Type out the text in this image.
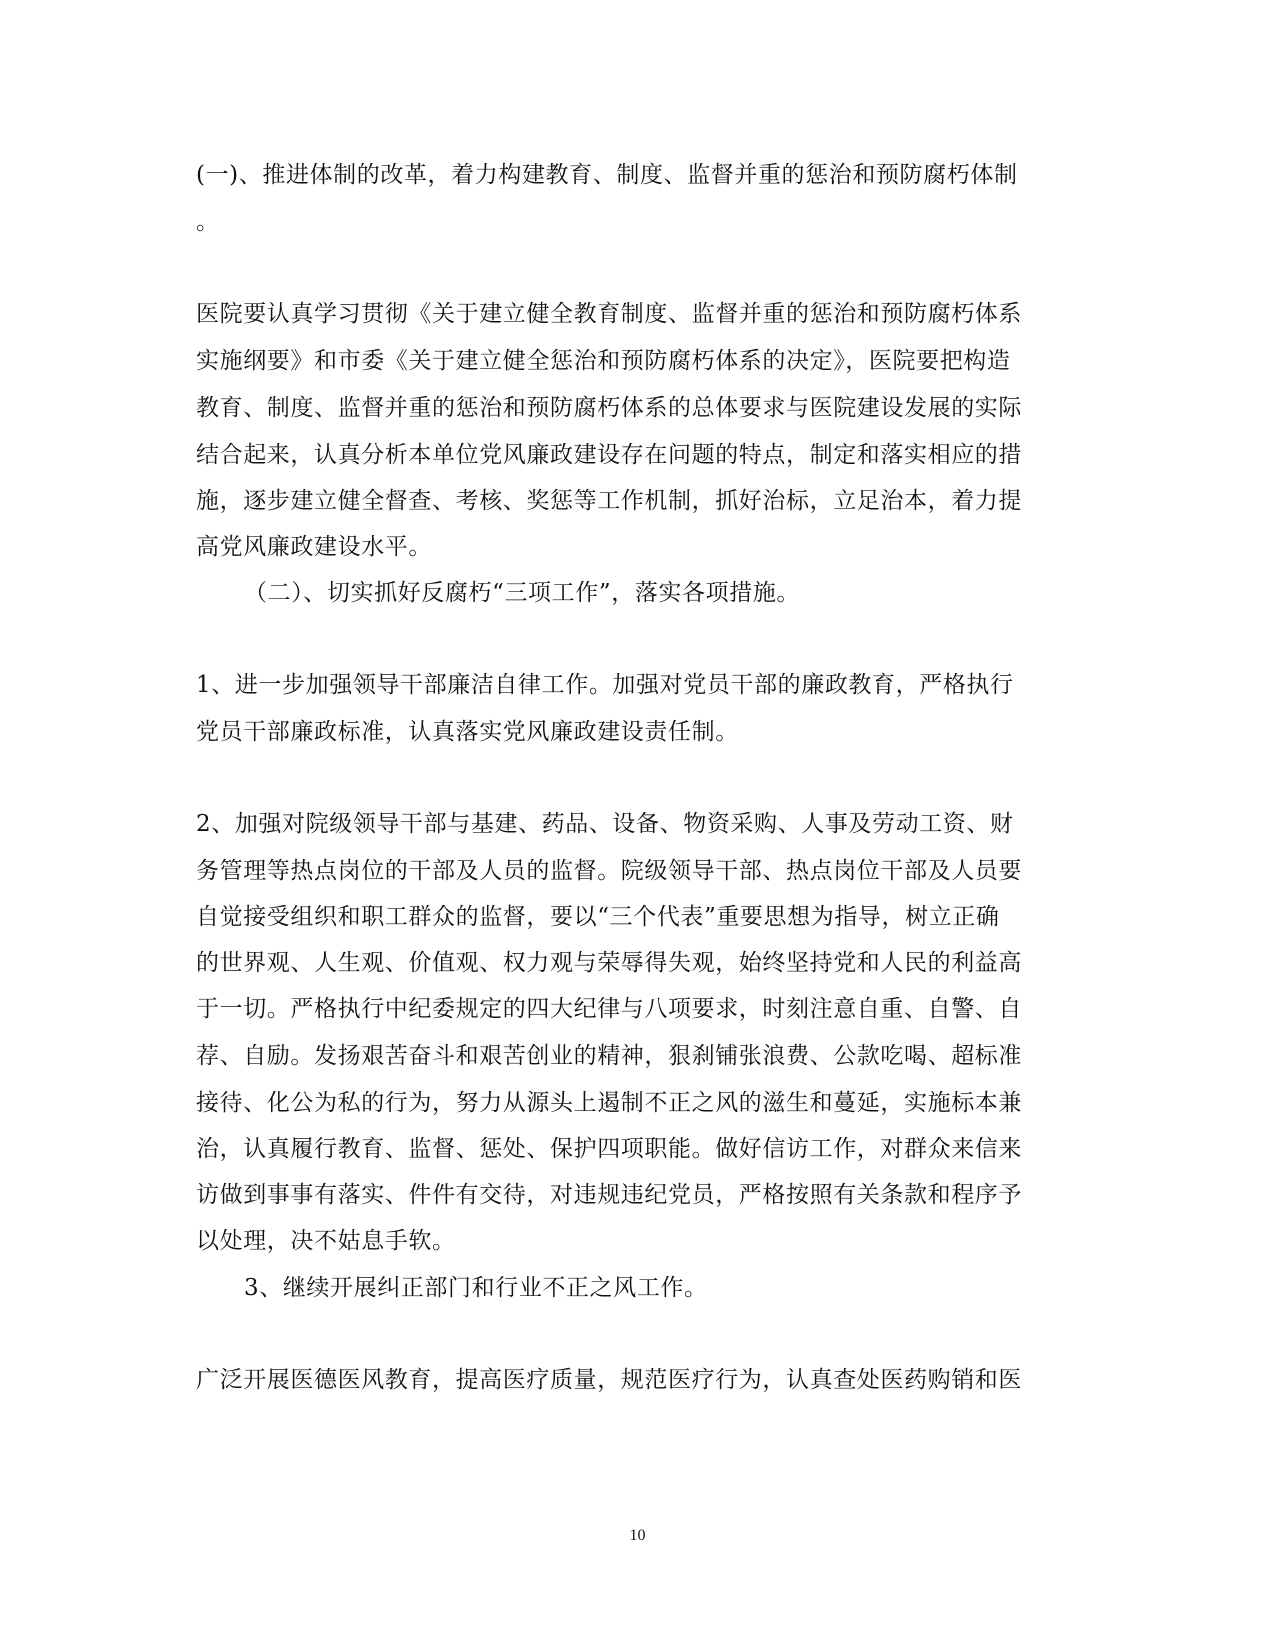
(一)、推进体制的改革，着力构建教育、制度、监督并重的惩治和预防腐朽体制
。
医院要认真学习贯彻《关于建立健全教育制度、监督并重的惩治和预防腐朽体系
实施纲要》和市委《关于建立健全惩治和预防腐朽体系的决定》，医院要把构造
教育、制度、监督并重的惩治和预防腐朽体系的总体要求与医院建设发展的实际
结合起来，认真分析本单位党风廉政建设存在问题的特点，制定和落实相应的措
施，逐步建立健全督查、考核、奖惩等工作机制，抓好治标，立足治本，着力提
高党风廉政建设水平。
（二）、切实抓好反腐朽“三项工作”，落实各项措施。
1、进一步加强领导干部廉洁自律工作。加强对党员干部的廉政教育，严格执行
党员干部廉政标准，认真落实党风廉政建设责任制。
2、加强对院级领导干部与基建、药品、设备、物资采购、人事及劳动工资、财
务管理等热点岗位的干部及人员的监督。院级领导干部、热点岗位干部及人员要
自觉接受组织和职工群众的监督，要以“三个代表”重要思想为指导，树立正确
的世界观、人生观、价值观、权力观与荣辱得失观，始终坚持党和人民的利益高
于一切。严格执行中纪委规定的四大纪律与八项要求，时刻注意自重、自警、自
荐、自励。发扬艰苦奋斗和艰苦创业的精神，狠刹铺张浪费、公款吃喝、超标准
接待、化公为私的行为，努力从源头上遏制不正之风的滋生和蔓延，实施标本兼
治，认真履行教育、监督、惩处、保护四项职能。做好信访工作，对群众来信来
访做到事事有落实、件件有交待，对违规违纪党员，严格按照有关条款和程序予
以处理，决不姑息手软。
3、继续开展纠正部门和行业不正之风工作。
广泛开展医德医风教育，提高医疗质量，规范医疗行为，认真查处医药购销和医
10
